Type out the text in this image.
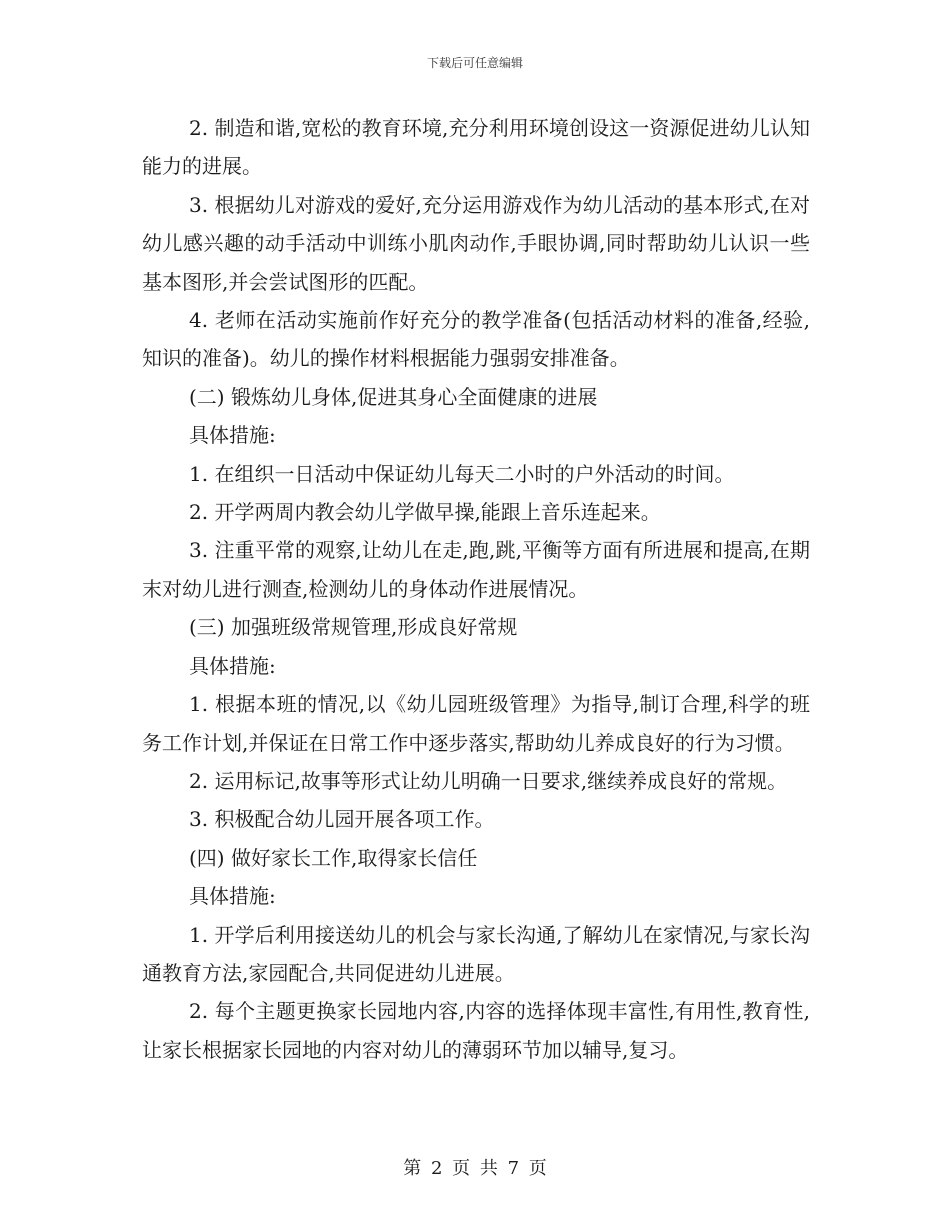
下载后可任意编辑

2. 制造和谐,宽松的教育环境,充分利用环境创设这一资源促进幼儿认知能力的进展。

3. 根据幼儿对游戏的爱好,充分运用游戏作为幼儿活动的基本形式,在对幼儿感兴趣的动手活动中训练小肌肉动作,手眼协调,同时帮助幼儿认识一些基本图形,并会尝试图形的匹配。

4. 老师在活动实施前作好充分的教学准备(包括活动材料的准备,经验,知识的准备)。幼儿的操作材料根据能力强弱安排准备。

(二) 锻炼幼儿身体,促进其身心全面健康的进展

具体措施:

1. 在组织一日活动中保证幼儿每天二小时的户外活动的时间。

2. 开学两周内教会幼儿学做早操,能跟上音乐连起来。

3. 注重平常的观察,让幼儿在走,跑,跳,平衡等方面有所进展和提高,在期末对幼儿进行测查,检测幼儿的身体动作进展情况。

(三) 加强班级常规管理,形成良好常规

具体措施:

1. 根据本班的情况,以《幼儿园班级管理》为指导,制订合理,科学的班务工作计划,并保证在日常工作中逐步落实,帮助幼儿养成良好的行为习惯。

2. 运用标记,故事等形式让幼儿明确一日要求,继续养成良好的常规。

3. 积极配合幼儿园开展各项工作。

(四) 做好家长工作,取得家长信任

具体措施:

1. 开学后利用接送幼儿的机会与家长沟通,了解幼儿在家情况,与家长沟通教育方法,家园配合,共同促进幼儿进展。

2. 每个主题更换家长园地内容,内容的选择体现丰富性,有用性,教育性,让家长根据家长园地的内容对幼儿的薄弱环节加以辅导,复习。

第 2 页 共 7 页
